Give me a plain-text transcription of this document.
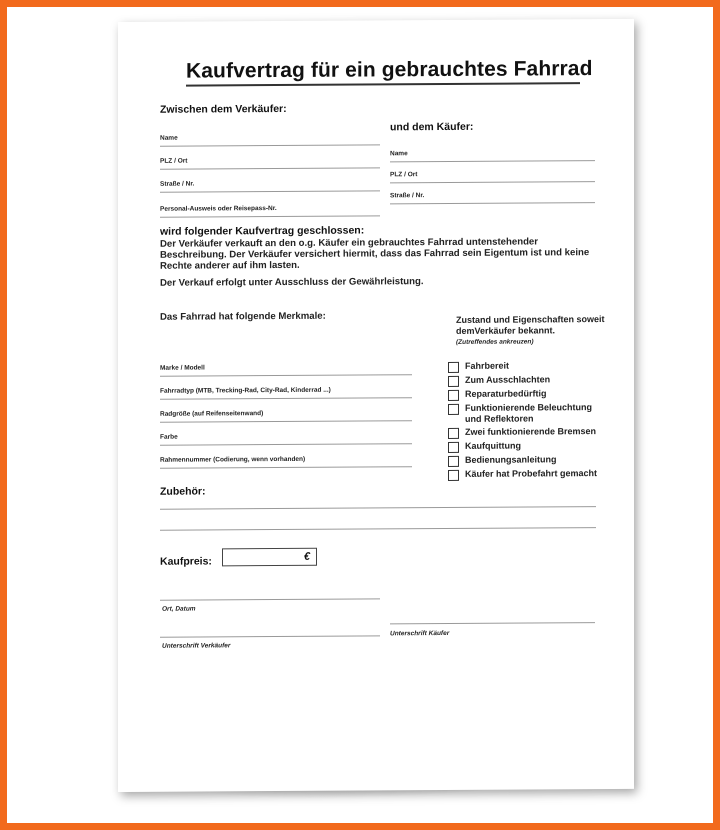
Kaufvertrag für ein gebrauchtes Fahrrad
Zwischen dem Verkäufer:
Name
PLZ / Ort
Straße / Nr.
Personal-Ausweis oder Reisepass-Nr.
und dem Käufer:
Name
PLZ / Ort
Straße / Nr.
wird folgender Kaufvertrag geschlossen:
Der Verkäufer verkauft an den o.g. Käufer ein gebrauchtes Fahrrad untenstehender Beschreibung. Der Verkäufer versichert hiermit, dass das Fahrrad sein Eigentum ist und keine Rechte anderer auf ihm lasten.
Der Verkauf erfolgt unter Ausschluss der Gewährleistung.
Das Fahrrad hat folgende Merkmale:
Marke / Modell
Fahrradtyp (MTB, Trecking-Rad, City-Rad, Kinderrad ...)
Radgröße (auf Reifenseitenwand)
Farbe
Rahmennummer (Codierung, wenn vorhanden)
Zustand und Eigenschaften soweit demVerkäufer bekannt.
(Zutreffendes ankreuzen)
Fahrbereit
Zum Ausschlachten
Reparaturbedürftig
Funktionierende Beleuchtung und Reflektoren
Zwei funktionierende Bremsen
Kaufquittung
Bedienungsanleitung
Käufer hat Probefahrt gemacht
Zubehör:
Kaufpreis:	€
Ort, Datum
Unterschrift Verkäufer
Unterschrift Käufer
